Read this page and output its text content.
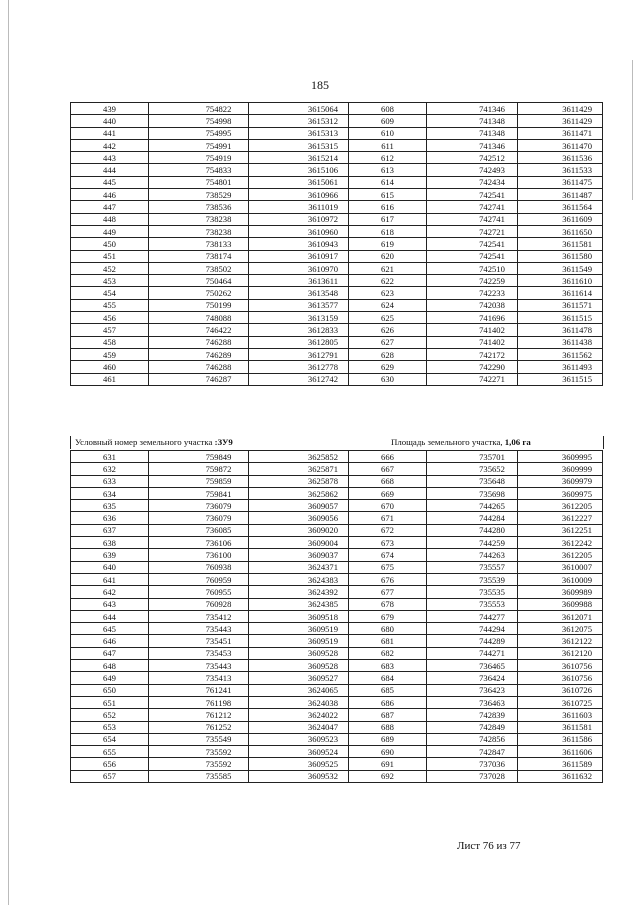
185
439	754822	3615064	608	741346	3611429
440	754998	3615312	609	741348	3611429
441	754995	3615313	610	741348	3611471
442	754991	3615315	611	741346	3611470
443	754919	3615214	612	742512	3611536
444	754833	3615106	613	742493	3611533
445	754801	3615061	614	742434	3611475
446	738529	3610966	615	742541	3611487
447	738536	3611019	616	742741	3611564
448	738238	3610972	617	742741	3611609
449	738238	3610960	618	742721	3611650
450	738133	3610943	619	742541	3611581
451	738174	3610917	620	742541	3611580
452	738502	3610970	621	742510	3611549
453	750464	3613611	622	742259	3611610
454	750262	3613548	623	742233	3611614
455	750199	3613577	624	742038	3611571
456	748088	3613159	625	741696	3611515
457	746422	3612833	626	741402	3611478
458	746288	3612805	627	741402	3611438
459	746289	3612791	628	742172	3611562
460	746288	3612778	629	742290	3611493
461	746287	3612742	630	742271	3611515
Условный номер земельного участка :ЗУ9	Площадь земельного участка, 1,06 га
631	759849	3625852	666	735701	3609995
632	759872	3625871	667	735652	3609999
633	759859	3625878	668	735648	3609979
634	759841	3625862	669	735698	3609975
635	736079	3609057	670	744265	3612205
636	736079	3609056	671	744284	3612227
637	736085	3609020	672	744280	3612251
638	736106	3609004	673	744259	3612242
639	736100	3609037	674	744263	3612205
640	760938	3624371	675	735557	3610007
641	760959	3624383	676	735539	3610009
642	760955	3624392	677	735535	3609989
643	760928	3624385	678	735553	3609988
644	735412	3609518	679	744277	3612071
645	735443	3609519	680	744294	3612075
646	735451	3609519	681	744289	3612122
647	735453	3609528	682	744271	3612120
648	735443	3609528	683	736465	3610756
649	735413	3609527	684	736424	3610756
650	761241	3624065	685	736423	3610726
651	761198	3624038	686	736463	3610725
652	761212	3624022	687	742839	3611603
653	761252	3624047	688	742849	3611581
654	735549	3609523	689	742856	3611586
655	735592	3609524	690	742847	3611606
656	735592	3609525	691	737036	3611589
657	735585	3609532	692	737028	3611632
Лист 76 из 77
